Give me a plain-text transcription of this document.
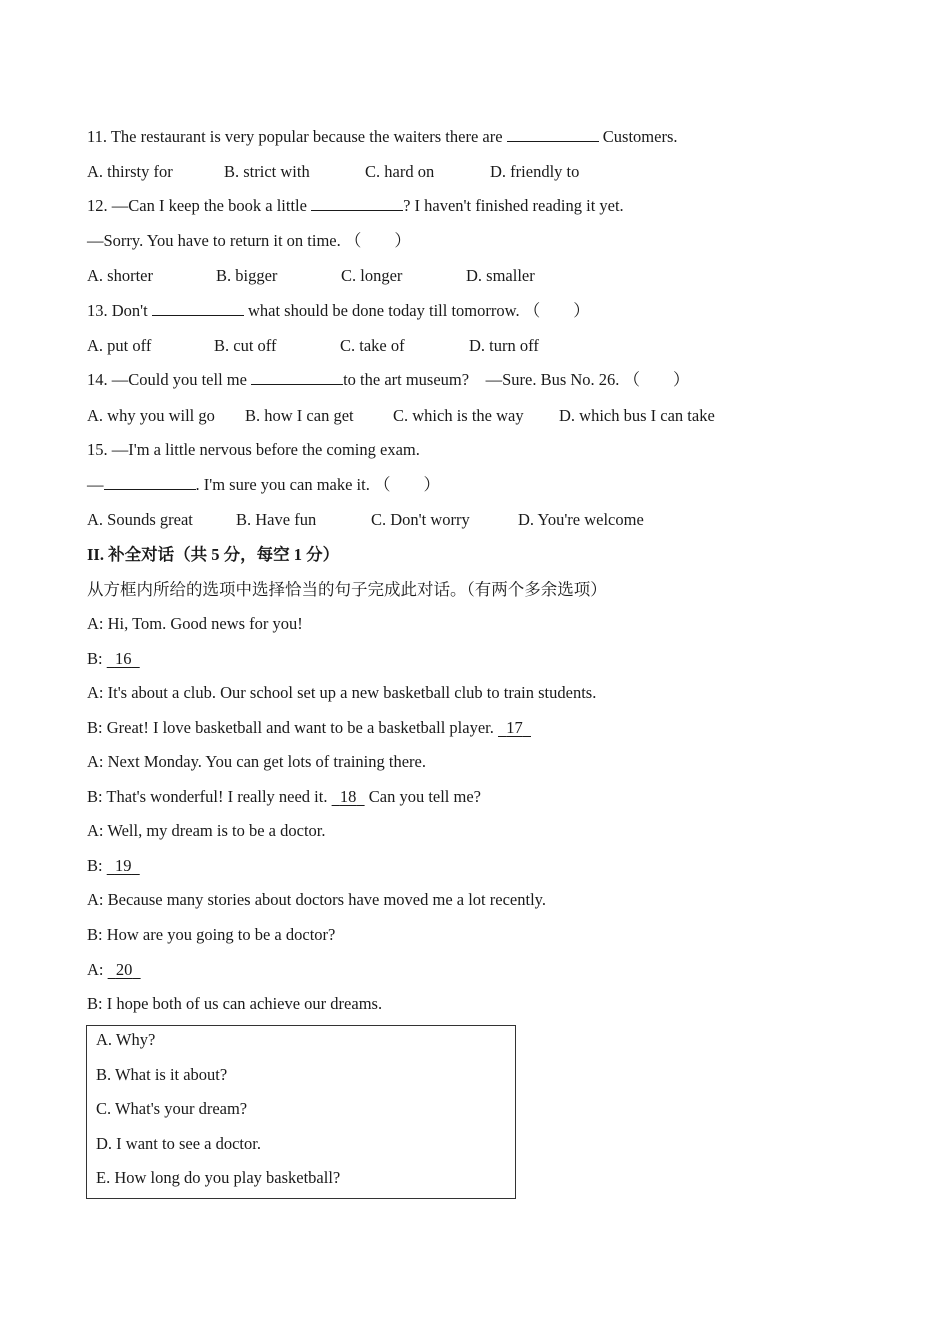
11. The restaurant is very popular because the waiters there are	Customers.
A. thirsty for	B. strict with	C. hard on	D. friendly to
12. —Can I keep the book a little	? I haven't finished reading it yet.
—Sorry. You have to return it on time. （　　）
A. shorter	B. bigger	C. longer	D. smaller
13. Don't	what should be done today till tomorrow. （　　）
A. put off	B. cut off	C. take of	D. turn off
14. —Could you tell me	to the art museum?　—Sure. Bus No. 26. （　　）
A. why you will go B. how I can get C. which is the way D. which bus I can take
15. —I'm a little nervous before the coming exam.
—	. I'm sure you can make it. （　　）
A. Sounds great	B. Have fun	C. Don't worry	D. You're welcome
II. 补全对话（共 5 分，每空 1 分）
从方框内所给的选项中选择恰当的句子完成此对话。（有两个多余选项）
A: Hi, Tom. Good news for you!
B: 16
A: It's about a club. Our school set up a new basketball club to train students.
B: Great! I love basketball and want to be a basketball player. 17
A: Next Monday. You can get lots of training there.
B: That's wonderful! I really need it. 18 Can you tell me?
A: Well, my dream is to be a doctor.
B: 19
A: Because many stories about doctors have moved me a lot recently.
B: How are you going to be a doctor?
A: 20
B: I hope both of us can achieve our dreams.
A. Why?
B. What is it about?
C. What's your dream?
D. I want to see a doctor.
E. How long do you play basketball?
